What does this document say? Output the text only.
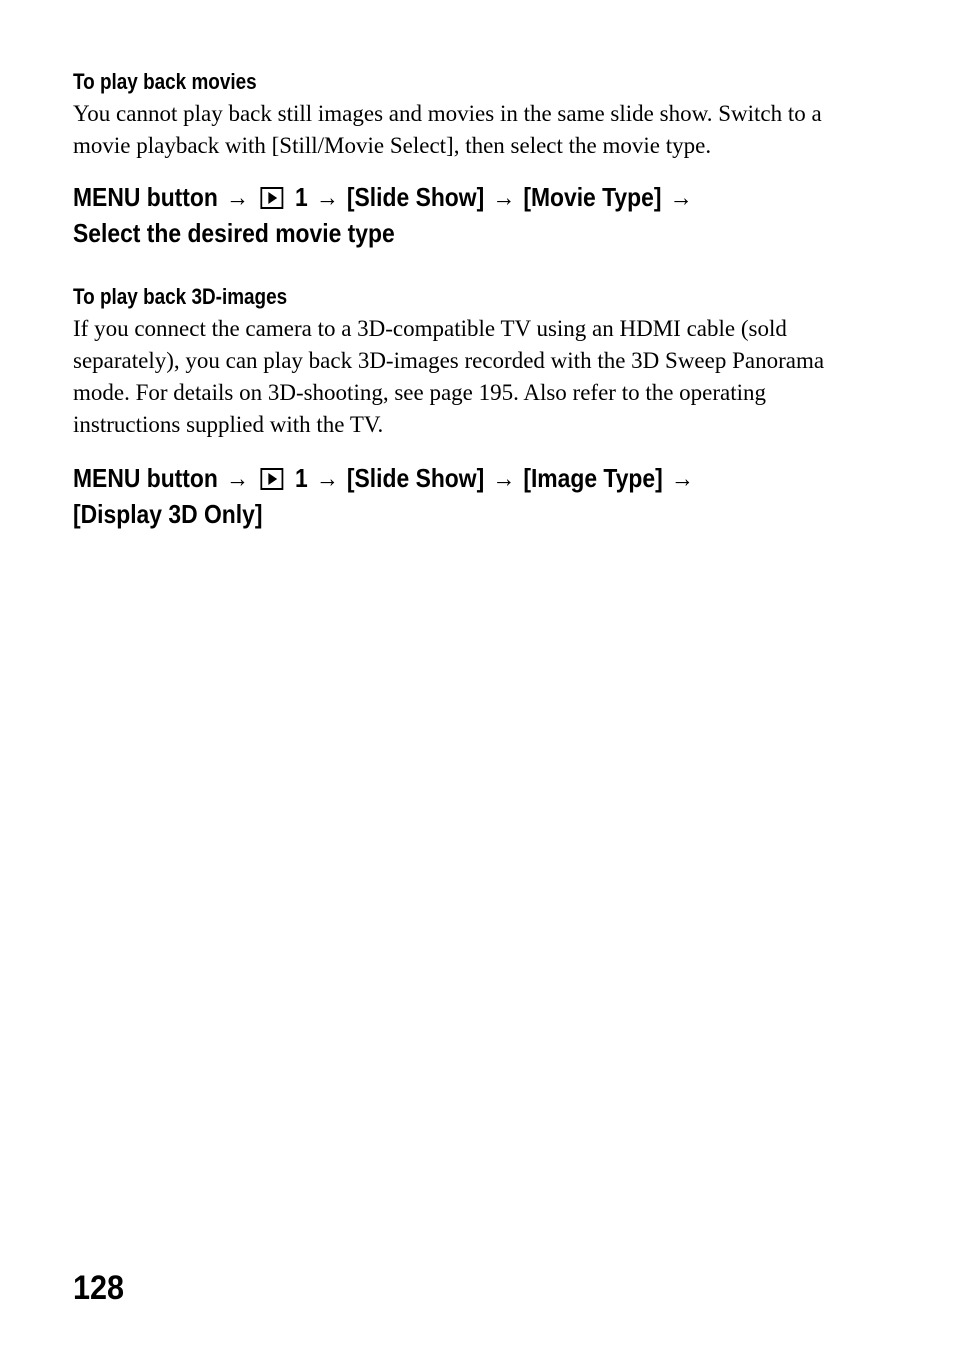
To play back movies

You cannot play back still images and movies in the same slide show. Switch to a movie playback with [Still/Movie Select], then select the movie type.

MENU button → 1 → [Slide Show] → [Movie Type] →
Select the desired movie type

To play back 3D-images

If you connect the camera to a 3D-compatible TV using an HDMI cable (sold separately), you can play back 3D-images recorded with the 3D Sweep Panorama mode. For details on 3D-shooting, see page 195. Also refer to the operating instructions supplied with the TV.

MENU button → 1 → [Slide Show] → [Image Type] →
[Display 3D Only]

128
